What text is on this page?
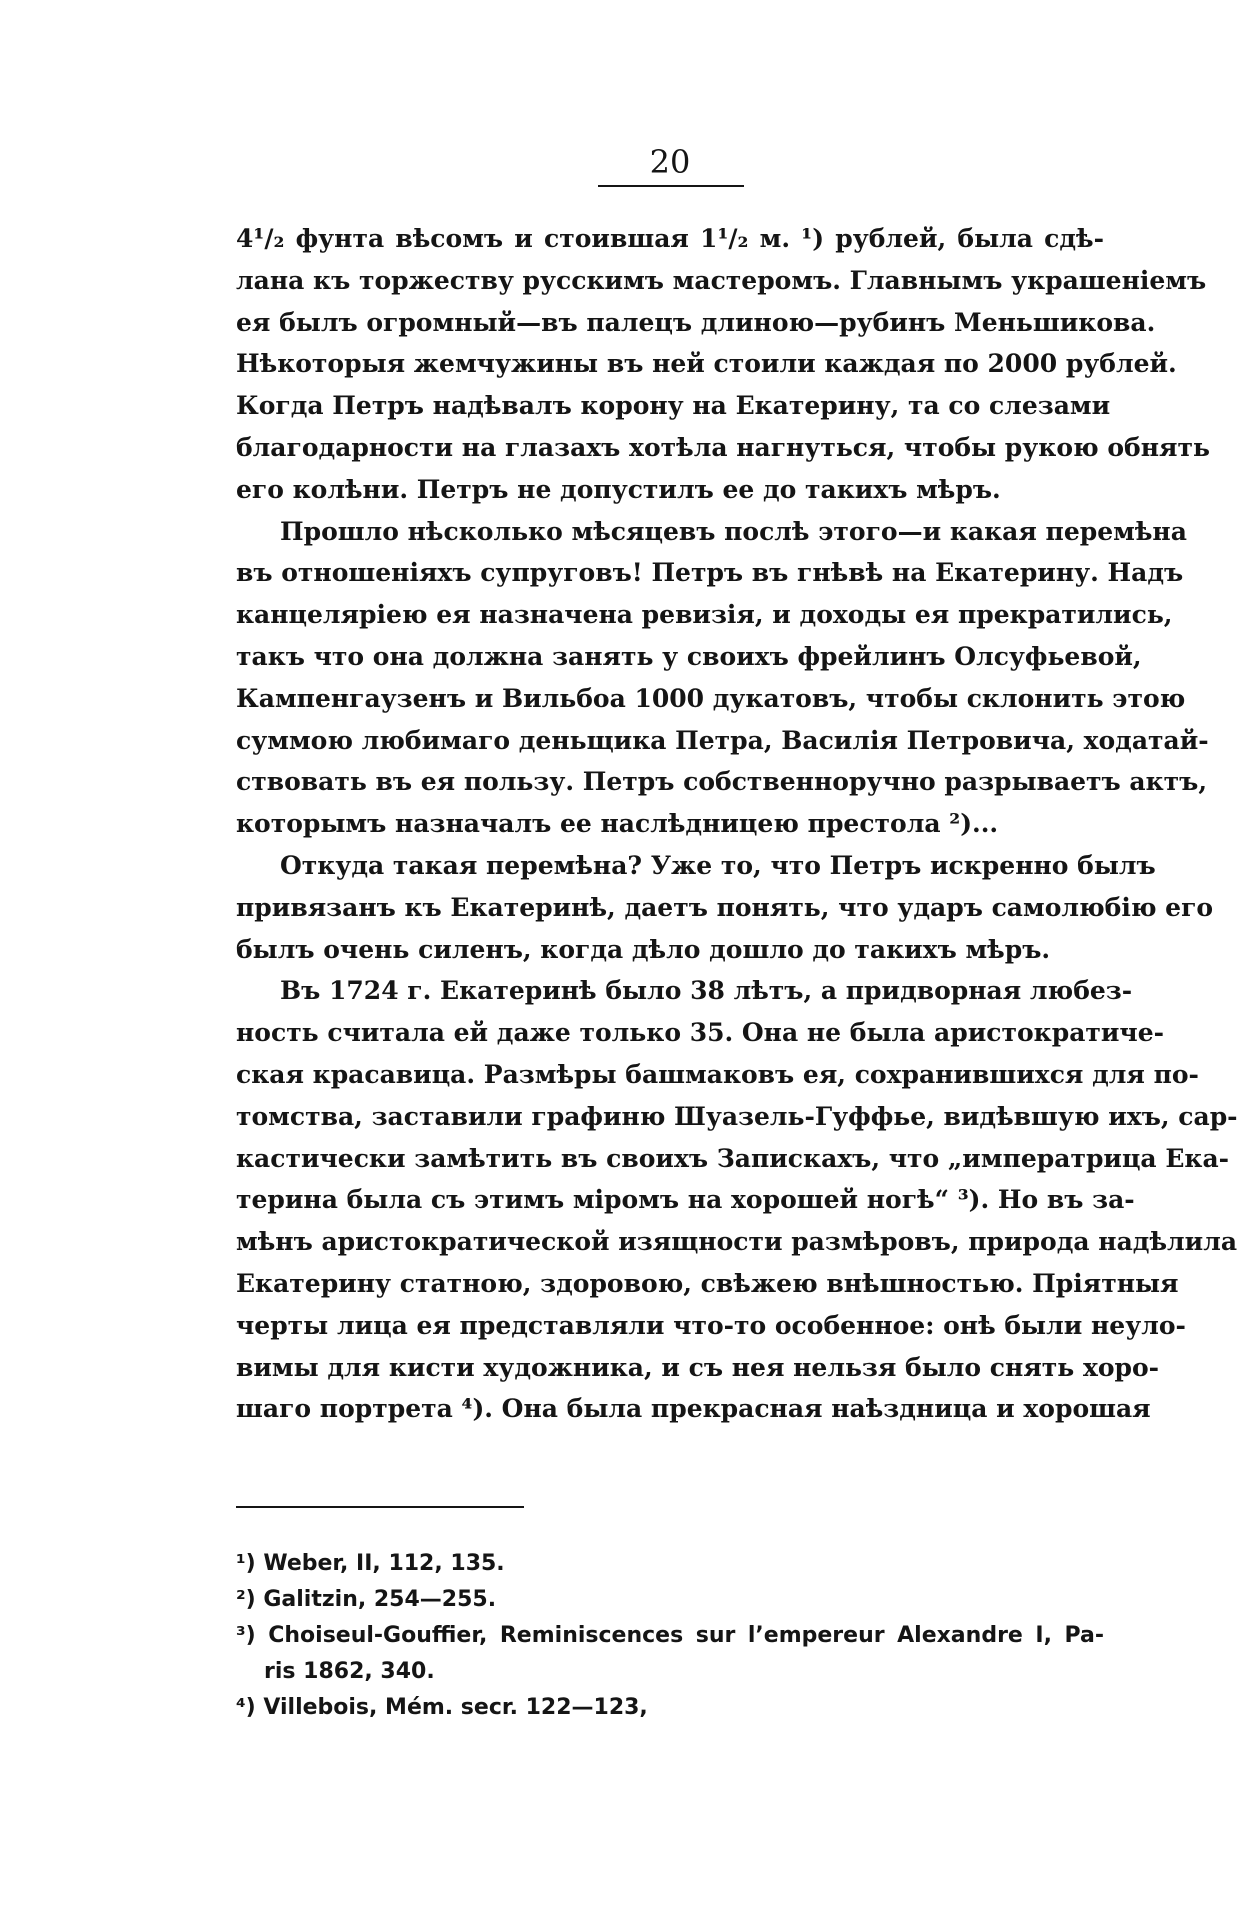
20
4¹/₂ фунта вѣсомъ и стоившая 1¹/₂ м. ¹) рублей, была сдѣ-
лана къ торжеству русскимъ мастеромъ. Главнымъ украшеніемъ
ея былъ огромный—въ палецъ длиною—рубинъ Меньшикова.
Нѣкоторыя жемчужины въ ней стоили каждая по 2000 рублей.
Когда Петръ надѣвалъ корону на Екатерину, та со слезами
благодарности на глазахъ хотѣла нагнуться, чтобы рукою обнять
его колѣни. Петръ не допустилъ ее до такихъ мѣръ.
Прошло нѣсколько мѣсяцевъ послѣ этого—и какая перемѣна
въ отношеніяхъ супруговъ! Петръ въ гнѣвѣ на Екатерину. Надъ
канцеляріею ея назначена ревизія, и доходы ея прекратились,
такъ что она должна занять у своихъ фрейлинъ Олсуфьевой,
Кампенгаузенъ и Вильбоа 1000 дукатовъ, чтобы склонить этою
суммою любимаго деньщика Петра, Василія Петровича, ходатай-
ствовать въ ея пользу. Петръ собственноручно разрываетъ актъ,
которымъ назначалъ ее наслѣдницею престола ²)...
Откуда такая перемѣна? Уже то, что Петръ искренно былъ
привязанъ къ Екатеринѣ, даетъ понять, что ударъ самолюбію его
былъ очень силенъ, когда дѣло дошло до такихъ мѣръ.
Въ 1724 г. Екатеринѣ было 38 лѣтъ, а придворная любез-
ность считала ей даже только 35. Она не была аристократиче-
ская красавица. Размѣры башмаковъ ея, сохранившихся для по-
томства, заставили графиню Шуазель-Гуффье, видѣвшую ихъ, сар-
кастически замѣтить въ своихъ Запискахъ, что „императрица Ека-
терина была съ этимъ міромъ на хорошей ногѣ“ ³). Но въ за-
мѣнъ аристократической изящности размѣровъ, природа надѣлила
Екатерину статною, здоровою, свѣжею внѣшностью. Пріятныя
черты лица ея представляли что-то особенное: онѣ были неуло-
вимы для кисти художника, и съ нея нельзя было снять хоро-
шаго портрета ⁴). Она была прекрасная наѣздница и хорошая
¹) Weber, II, 112, 135.
²) Galitzin, 254—255.
³) Choiseul-Gouffier, Reminiscences sur l’empereur Alexandre I, Pa-
ris 1862, 340.
⁴) Villebois, Mém. secr. 122—123,
